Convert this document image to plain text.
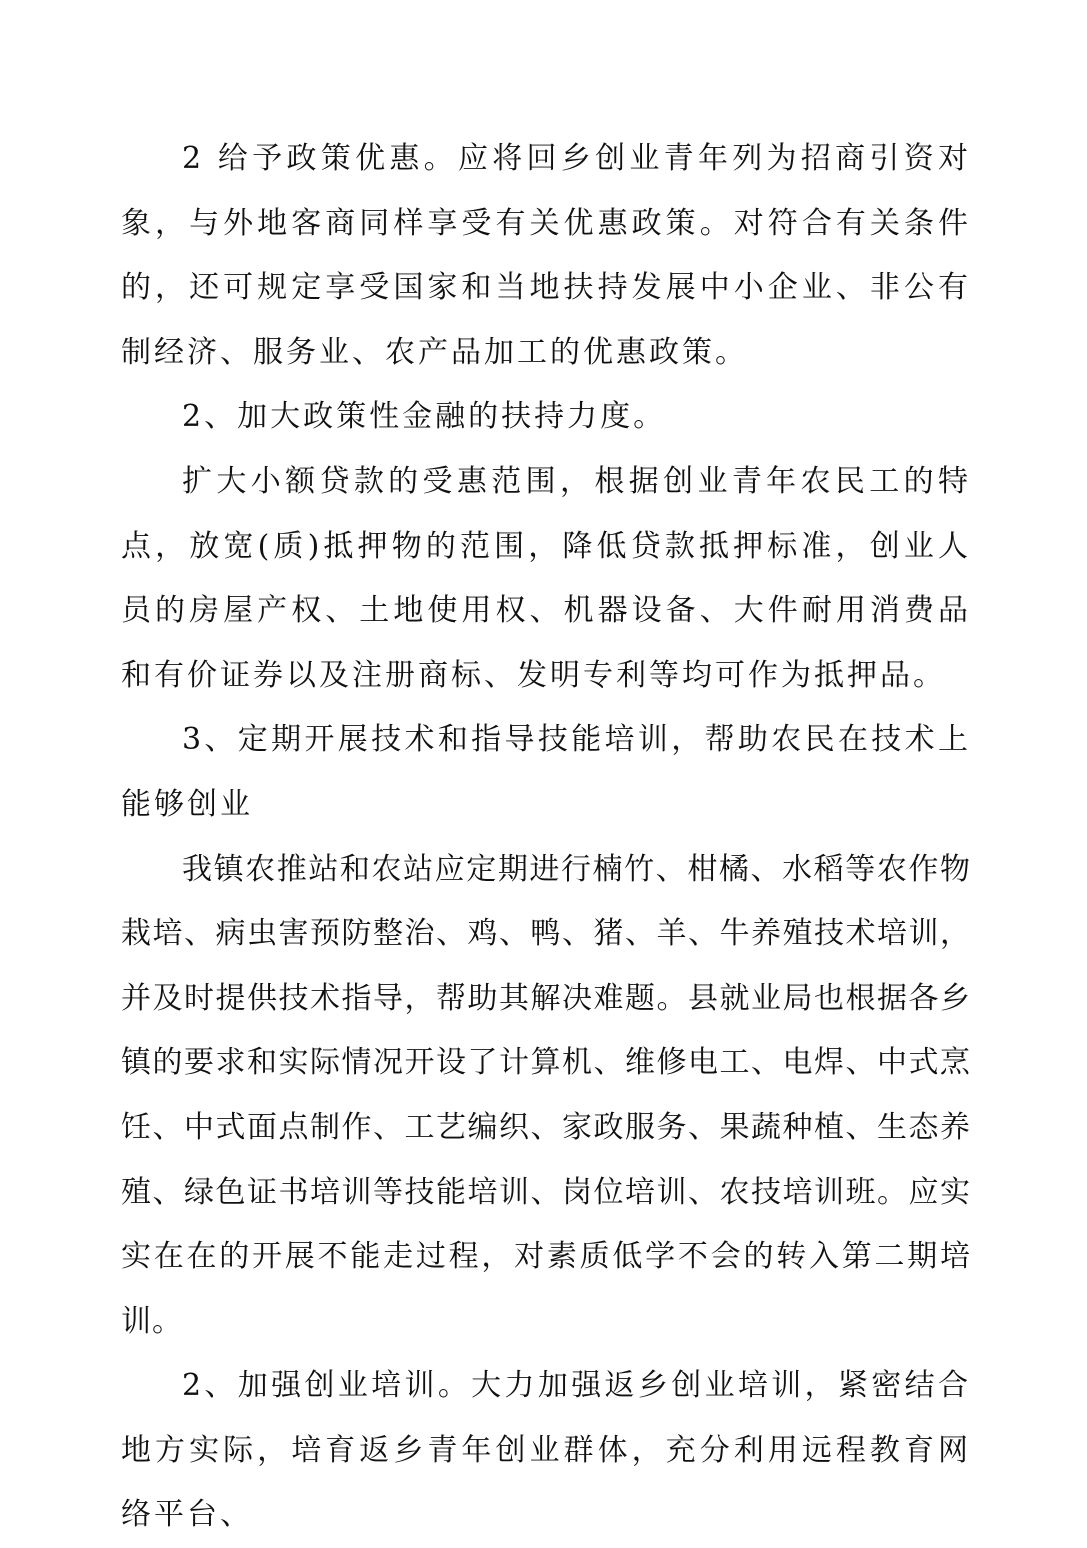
2 给予政策优惠。应将回乡创业青年列为招商引资对象，与外地客商同样享受有关优惠政策。对符合有关条件的，还可规定享受国家和当地扶持发展中小企业、非公有制经济、服务业、农产品加工的优惠政策。

2、加大政策性金融的扶持力度。

扩大小额贷款的受惠范围，根据创业青年农民工的特点，放宽(质)抵押物的范围，降低贷款抵押标准，创业人员的房屋产权、土地使用权、机器设备、大件耐用消费品和有价证券以及注册商标、发明专利等均可作为抵押品。

3、定期开展技术和指导技能培训，帮助农民在技术上能够创业

我镇农推站和农站应定期进行楠竹、柑橘、水稻等农作物栽培、病虫害预防整治、鸡、鸭、猪、羊、牛养殖技术培训，并及时提供技术指导，帮助其解决难题。县就业局也根据各乡镇的要求和实际情况开设了计算机、维修电工、电焊、中式烹饪、中式面点制作、工艺编织、家政服务、果蔬种植、生态养殖、绿色证书培训等技能培训、岗位培训、农技培训班。应实实在在的开展不能走过程，对素质低学不会的转入第二期培训。

2、加强创业培训。大力加强返乡创业培训，紧密结合地方实际，培育返乡青年创业群体，充分利用远程教育网络平台、
